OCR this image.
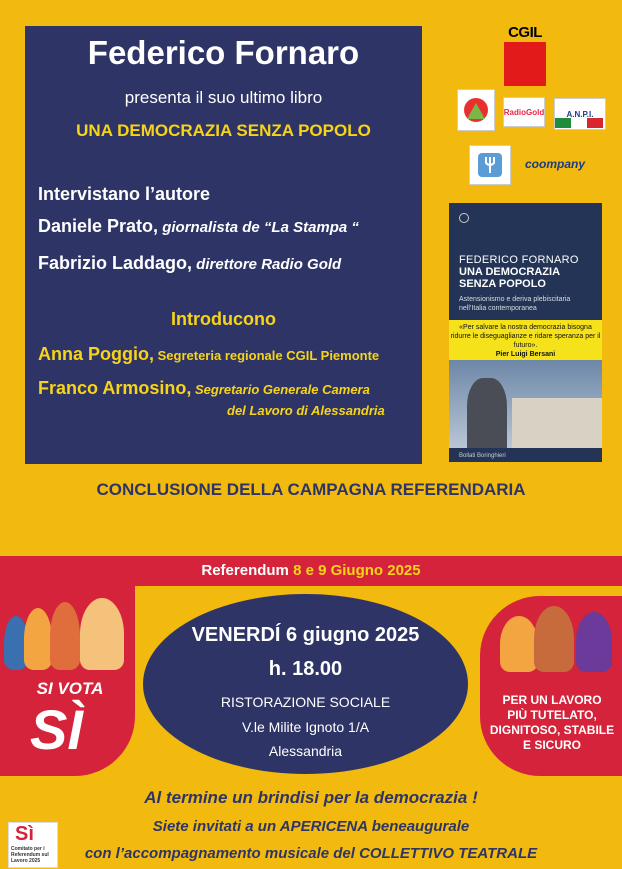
Federico Fornaro
presenta il suo ultimo libro
UNA DEMOCRAZIA SENZA POPOLO
Intervistano l’autore
Daniele Prato, giornalista de “La Stampa “
Fabrizio Laddago, direttore Radio Gold
Introducono
Anna Poggio, Segreteria regionale CGIL Piemonte
Franco Armosino, Segretario Generale Camera
del Lavoro di Alessandria
CGIL
RadioGold	A.N.P.I.
coompany
FEDERICO FORNARO
UNA DEMOCRAZIA SENZA POPOLO
Astensionismo e deriva plebiscitaria nell’Italia contemporanea
«Per salvare la nostra democrazia bisogna ridurre le diseguaglianze e ridare speranza per il futuro».
Pier Luigi Bersani
Bollati Boringhieri
CONCLUSIONE DELLA CAMPAGNA REFERENDARIA
Referendum 8 e 9 Giugno 2025
SI VOTA
SÌ
VENERDÍ 6 giugno 2025
h. 18.00
RISTORAZIONE SOCIALE
V.le Milite Ignoto 1/A
Alessandria
PER UN LAVORO
PIÙ TUTELATO,
DIGNITOSO, STABILE
E SICURO
Al termine un brindisi per la democrazia !
Siete invitati a un APERICENA beneaugurale
con l’accompagnamento musicale del COLLETTIVO TEATRALE
Sì
Comitato per i Referendum sul Lavoro 2025
